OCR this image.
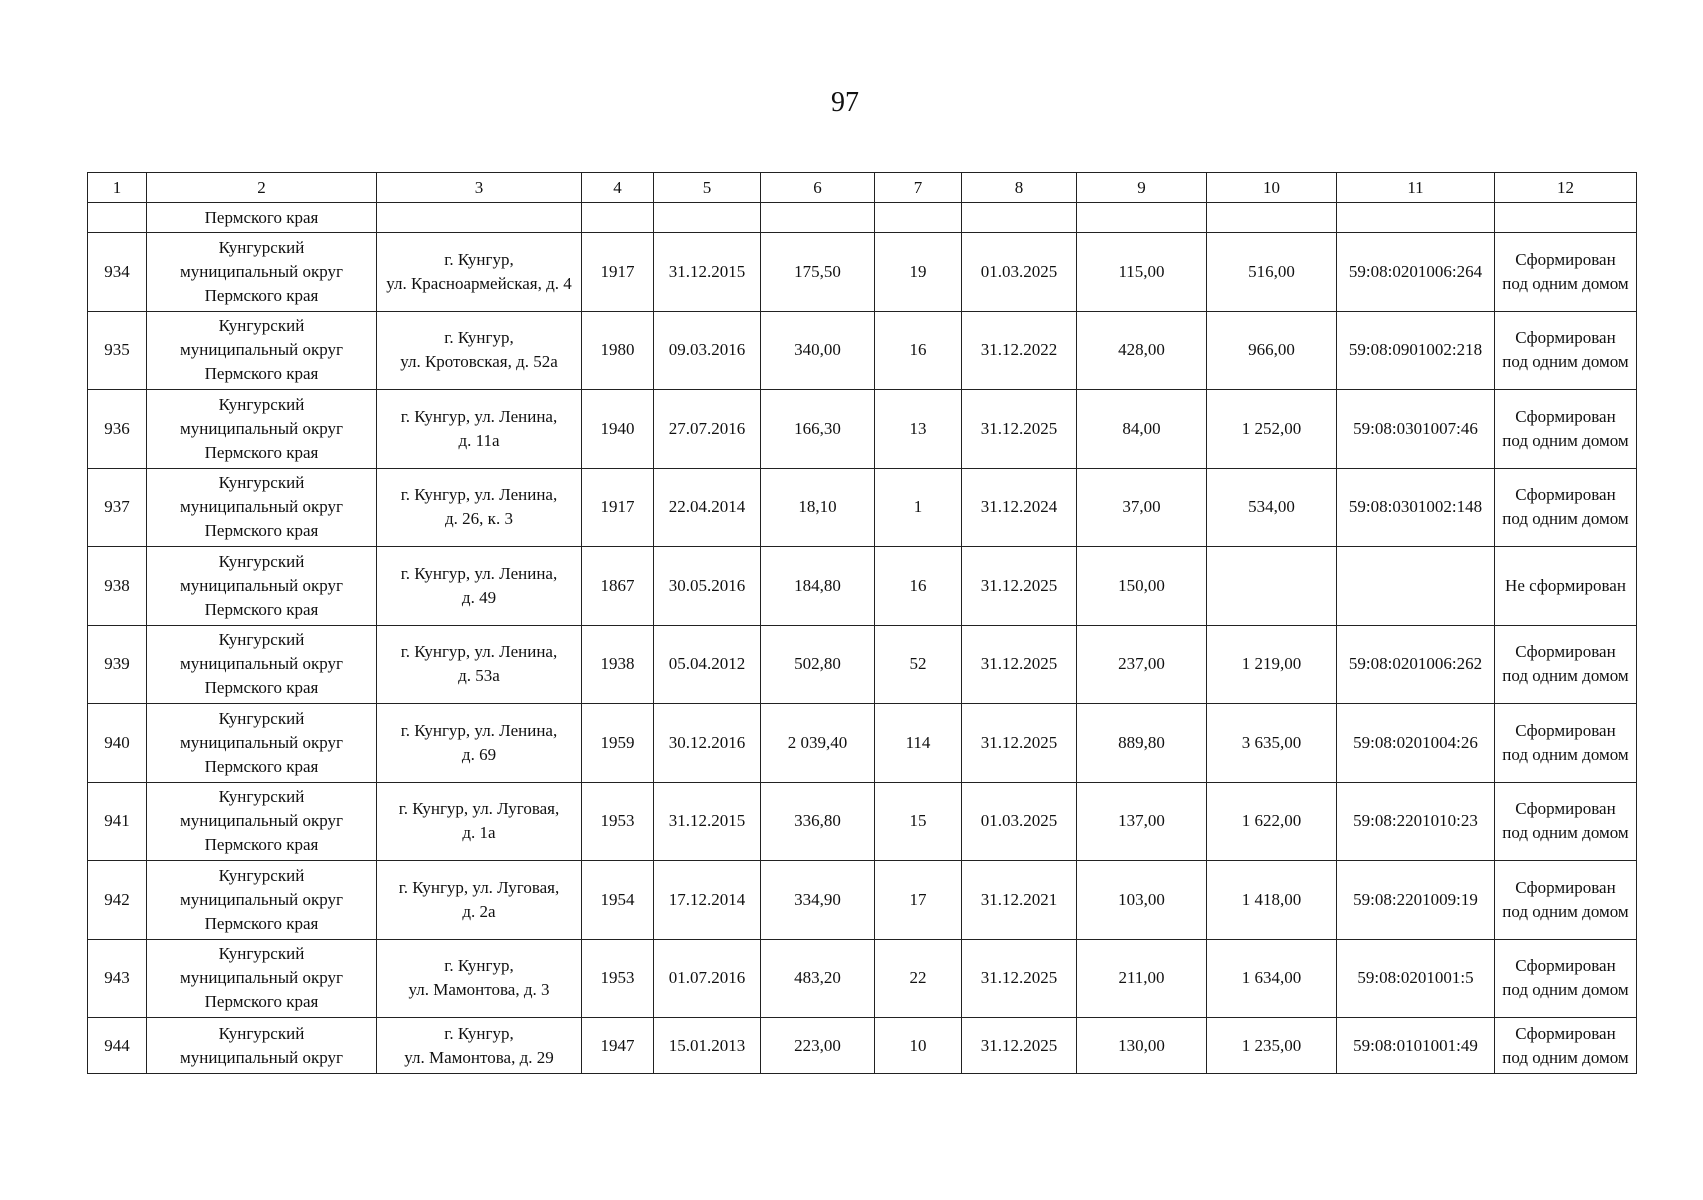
97
1	2	3	4	5	6	7	8	9	10	11	12
	Пермского края										
934	Кунгурский
муниципальный округ
Пермского края	г. Кунгур,
ул. Красноармейская, д. 4	1917	31.12.2015	175,50	19	01.03.2025	115,00	516,00	59:08:0201006:264	Сформирован
под одним домом

935	Кунгурский
муниципальный округ
Пермского края	г. Кунгур,
ул. Кротовская, д. 52а	1980	09.03.2016	340,00	16	31.12.2022	428,00	966,00	59:08:0901002:218	Сформирован
под одним домом

936	Кунгурский
муниципальный округ
Пермского края	г. Кунгур, ул. Ленина,
д. 11а	1940	27.07.2016	166,30	13	31.12.2025	84,00	1 252,00	59:08:0301007:46	Сформирован
под одним домом

937	Кунгурский
муниципальный округ
Пермского края	г. Кунгур, ул. Ленина,
д. 26, к. 3	1917	22.04.2014	18,10	1	31.12.2024	37,00	534,00	59:08:0301002:148	Сформирован
под одним домом

938	Кунгурский
муниципальный округ
Пермского края	г. Кунгур, ул. Ленина,
д. 49	1867	30.05.2016	184,80	16	31.12.2025	150,00			Не сформирован

939	Кунгурский
муниципальный округ
Пермского края	г. Кунгур, ул. Ленина,
д. 53а	1938	05.04.2012	502,80	52	31.12.2025	237,00	1 219,00	59:08:0201006:262	Сформирован
под одним домом

940	Кунгурский
муниципальный округ
Пермского края	г. Кунгур, ул. Ленина,
д. 69	1959	30.12.2016	2 039,40	114	31.12.2025	889,80	3 635,00	59:08:0201004:26	Сформирован
под одним домом

941	Кунгурский
муниципальный округ
Пермского края	г. Кунгур, ул. Луговая,
д. 1а	1953	31.12.2015	336,80	15	01.03.2025	137,00	1 622,00	59:08:2201010:23	Сформирован
под одним домом

942	Кунгурский
муниципальный округ
Пермского края	г. Кунгур, ул. Луговая,
д. 2а	1954	17.12.2014	334,90	17	31.12.2021	103,00	1 418,00	59:08:2201009:19	Сформирован
под одним домом

943	Кунгурский
муниципальный округ
Пермского края	г. Кунгур,
ул. Мамонтова, д. 3	1953	01.07.2016	483,20	22	31.12.2025	211,00	1 634,00	59:08:0201001:5	Сформирован
под одним домом

944	Кунгурский
муниципальный округ	г. Кунгур,
ул. Мамонтова, д. 29	1947	15.01.2013	223,00	10	31.12.2025	130,00	1 235,00	59:08:0101001:49	Сформирован
под одним домом
